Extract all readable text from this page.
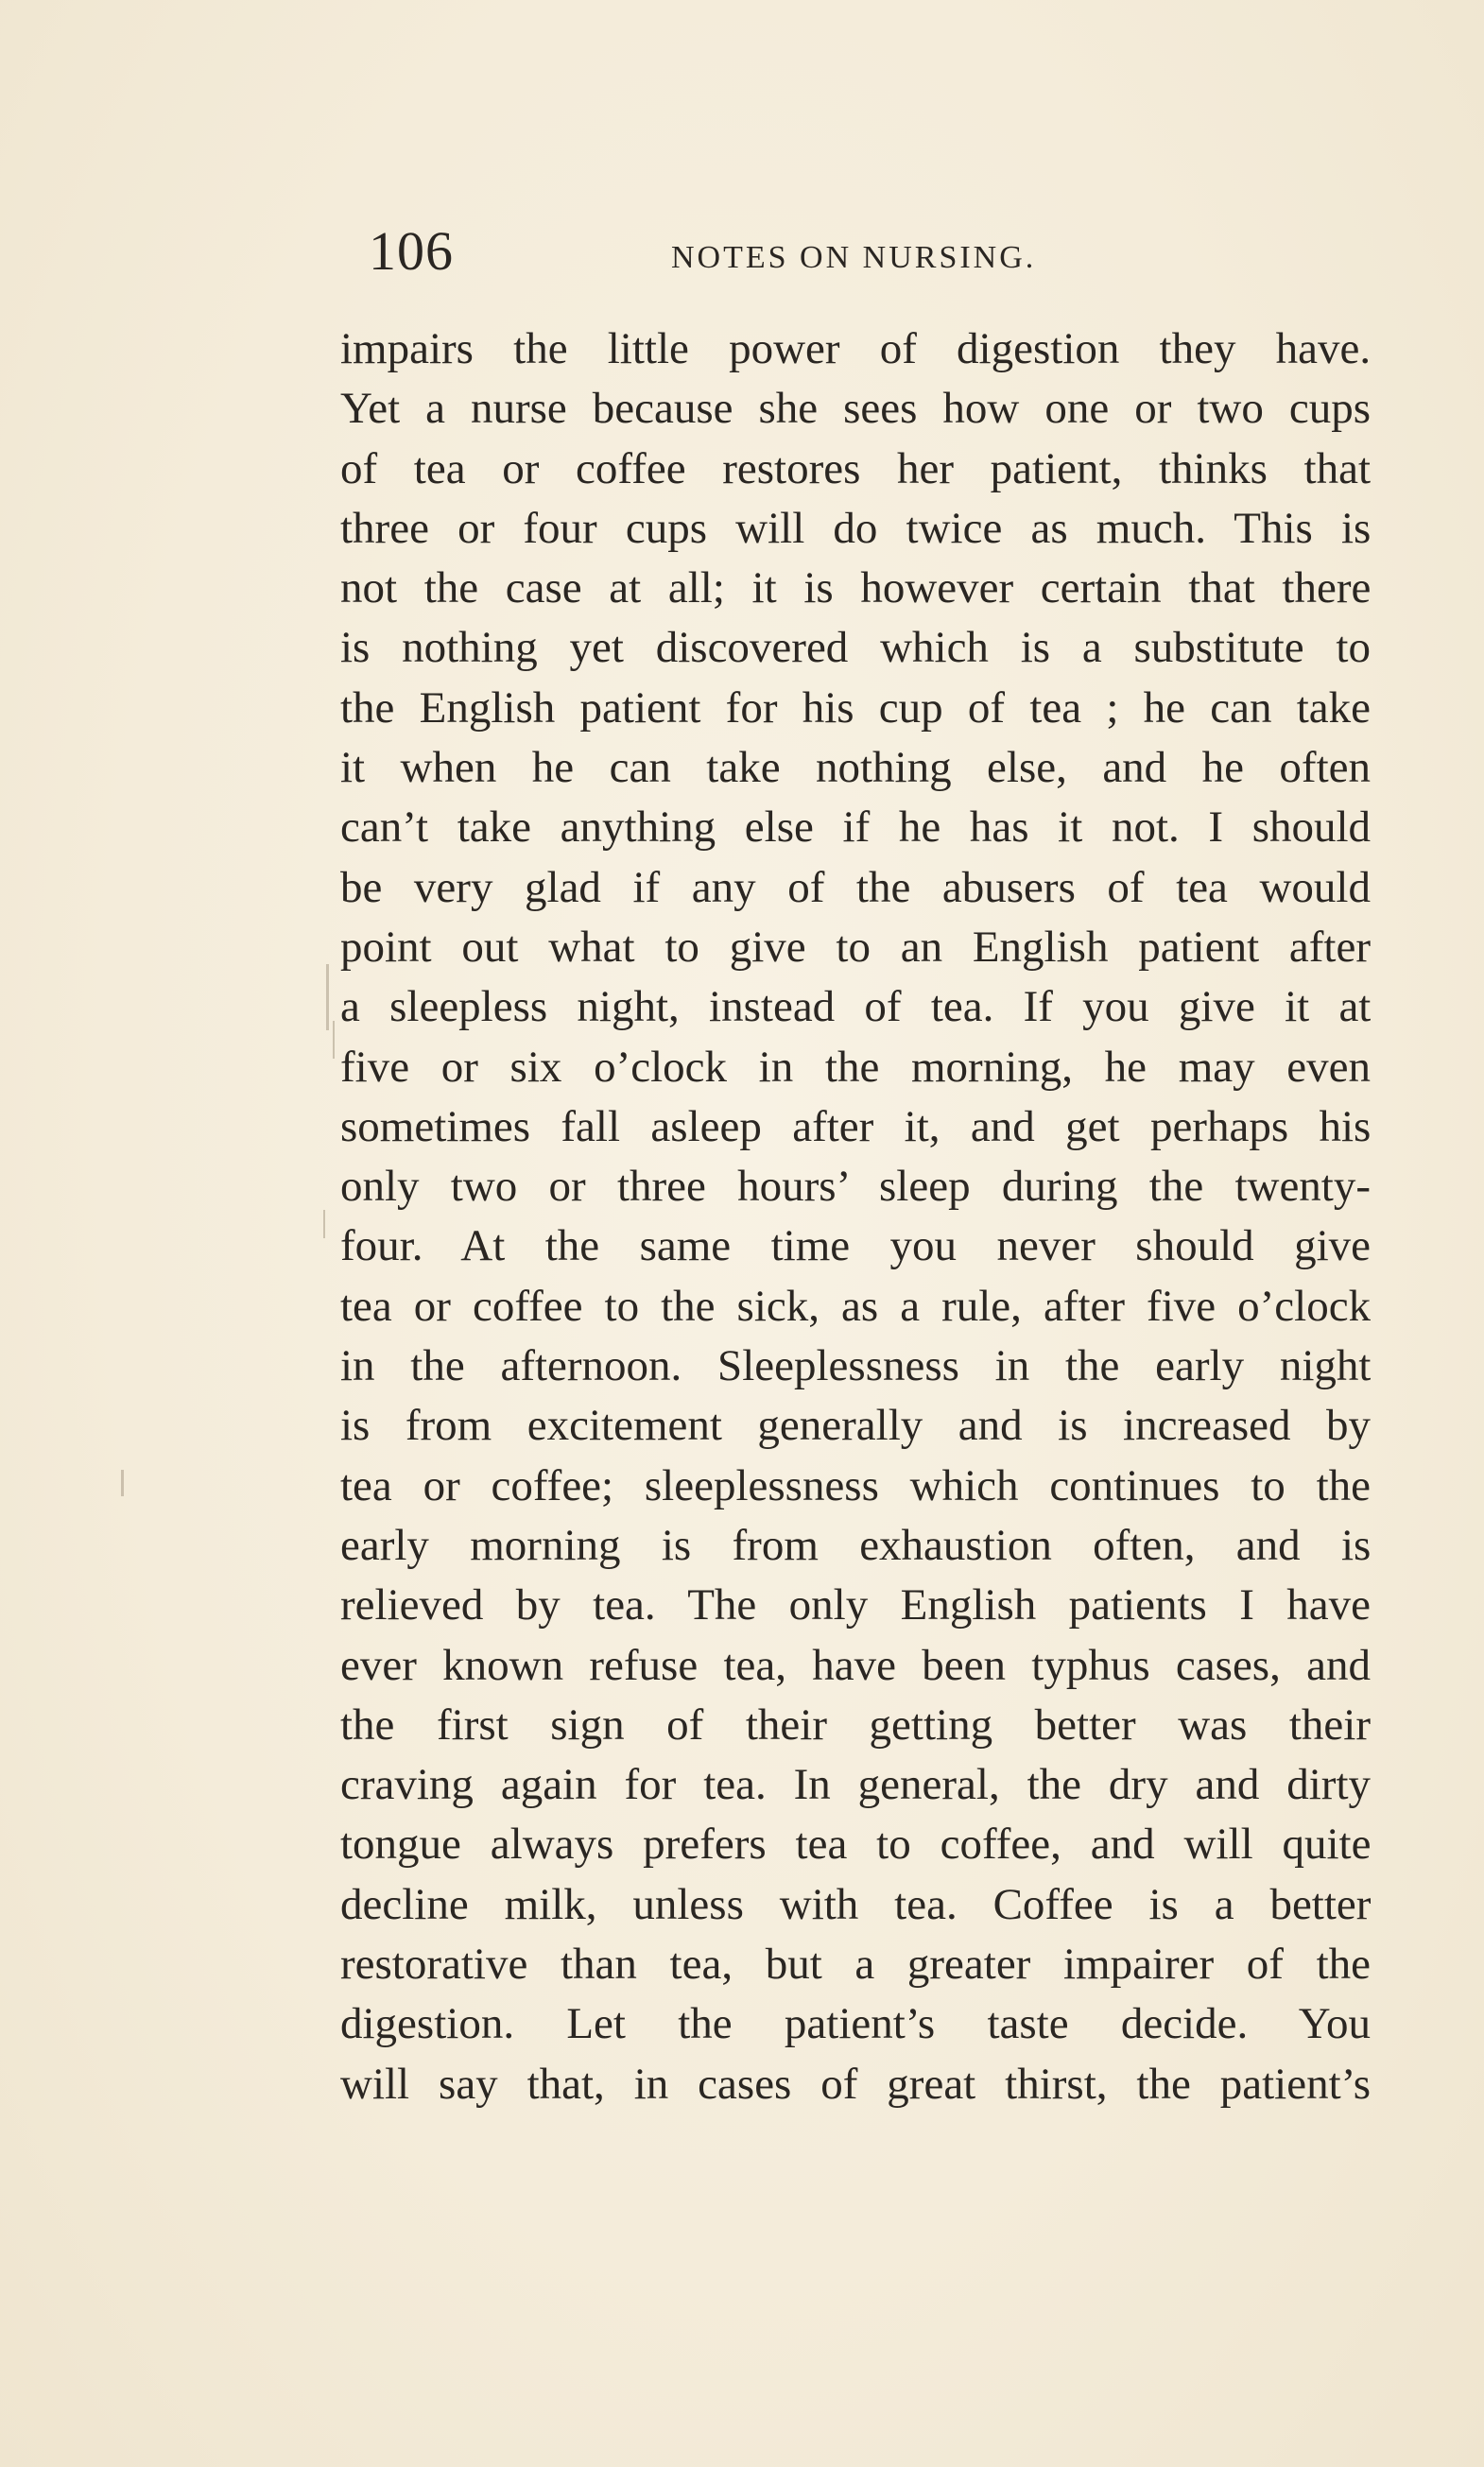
106	NOTES ON NURSING.
impairs the little power of digestion they have.
Yet a nurse because she sees how one or two cups
of tea or coffee restores her patient, thinks that
three or four cups will do twice as much. This is
not the case at all; it is however certain that there
is nothing yet discovered which is a substitute to
the English patient for his cup of tea ; he can take
it when he can take nothing else, and he often
can’t take anything else if he has it not. I should
be very glad if any of the abusers of tea would
point out what to give to an English patient after
a sleepless night, instead of tea. If you give it at
five or six o’clock in the morning, he may even
sometimes fall asleep after it, and get perhaps his
only two or three hours’ sleep during the twenty-
four. At the same time you never should give
tea or coffee to the sick, as a rule, after five o’clock
in the afternoon. Sleeplessness in the early night
is from excitement generally and is increased by
tea or coffee; sleeplessness which continues to the
early morning is from exhaustion often, and is
relieved by tea. The only English patients I have
ever known refuse tea, have been typhus cases, and
the first sign of their getting better was their
craving again for tea. In general, the dry and dirty
tongue always prefers tea to coffee, and will quite
decline milk, unless with tea. Coffee is a better
restorative than tea, but a greater impairer of the
digestion. Let the patient’s taste decide. You
will say that, in cases of great thirst, the patient’s
